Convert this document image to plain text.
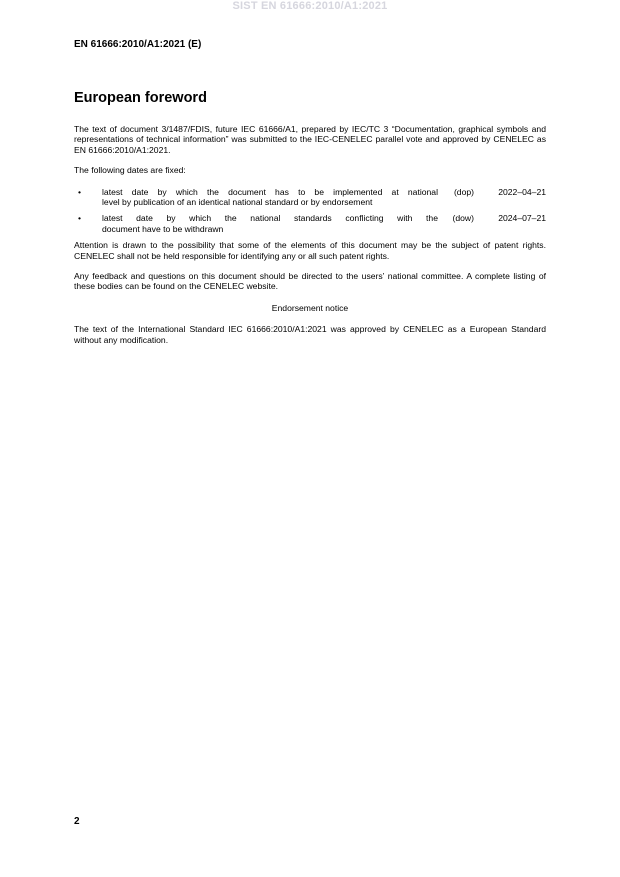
SIST EN 61666:2010/A1:2021
EN 61666:2010/A1:2021 (E)
European foreword

The text of document 3/1487/FDIS, future IEC 61666/A1, prepared by IEC/TC 3 “Documentation, graphical symbols and representations of technical information” was submitted to the IEC-CENELEC parallel vote and approved by CENELEC as EN 61666:2010/A1:2021.

The following dates are fixed:

•	latest date by which the document has to be implemented at national	(dop)	2022–04–21
level by publication of an identical national standard or by endorsement
•	latest date by which the national standards conflicting with the	(dow)	2024–07–21
document have to be withdrawn

Attention is drawn to the possibility that some of the elements of this document may be the subject of patent rights. CENELEC shall not be held responsible for identifying any or all such patent rights.

Any feedback and questions on this document should be directed to the users’ national committee. A complete listing of these bodies can be found on the CENELEC website.

Endorsement notice

The text of the International Standard IEC 61666:2010/A1:2021 was approved by CENELEC as a European Standard without any modification.

2
